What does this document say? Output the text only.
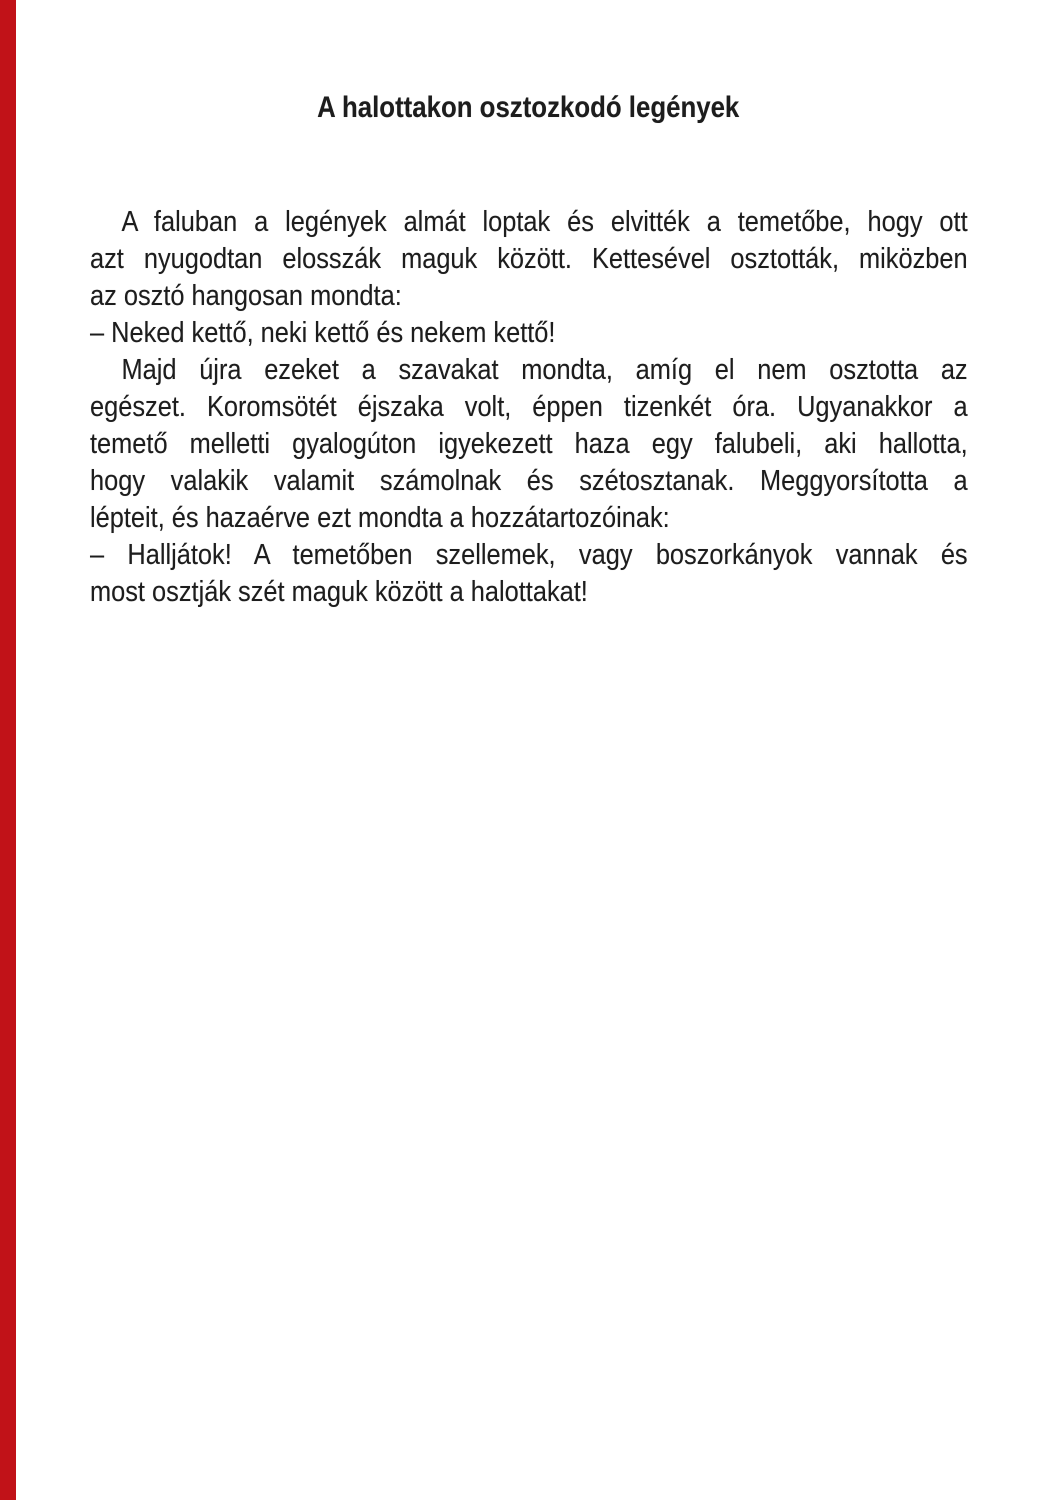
A halottakon osztozkodó legények
A faluban a legények almát loptak és elvitték a temetőbe, hogy ott
azt nyugodtan elosszák maguk között. Kettesével osztották, miközben
az osztó hangosan mondta:
– Neked kettő, neki kettő és nekem kettő!
Majd újra ezeket a szavakat mondta, amíg el nem osztotta az
egészet. Koromsötét éjszaka volt, éppen tizenkét óra. Ugyanakkor a
temető melletti gyalogúton igyekezett haza egy falubeli, aki hallotta,
hogy valakik valamit számolnak és szétosztanak. Meggyorsította a
lépteit, és hazaérve ezt mondta a hozzátartozóinak:
– Halljátok! A temetőben szellemek, vagy boszorkányok vannak és
most osztják szét maguk között a halottakat!
